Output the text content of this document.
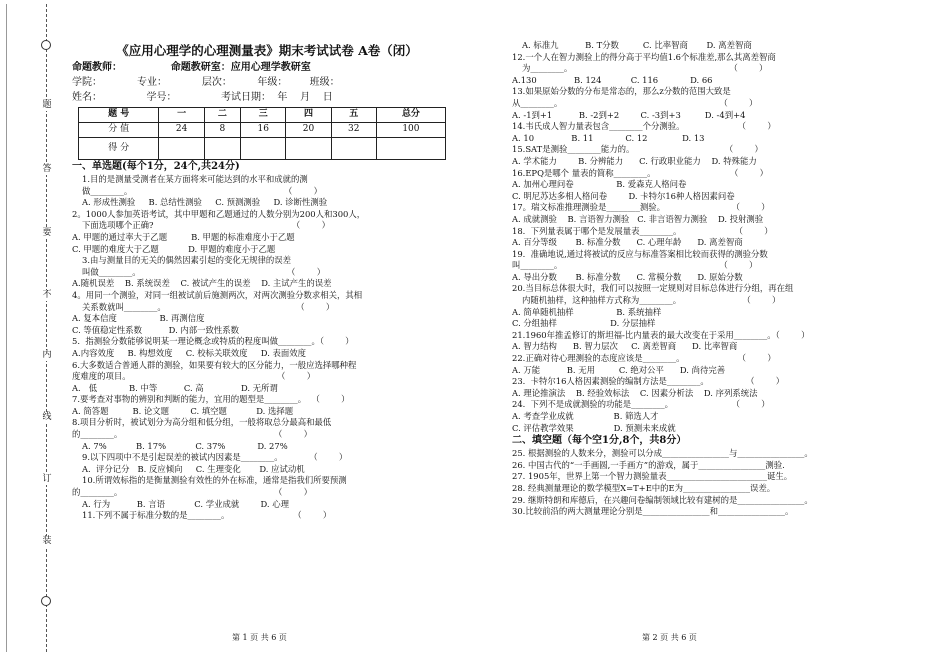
题
答
要
不
内
线
订
装
《应用心理学的心理测量表》期末考试试卷 A卷（闭）
命题教师：              命题教研室：应用心理学教研室
学院：           专业：           层次：        年级：       班级：
姓名：              学号：              考试日期：  年    月    日
题 号	一	二	三	四	五	总分
分 值	24	8	16	20	32	100
得 分						
一、单选题(每个1分，24个,共24分)
1.目的是测量受测者在某方面将来可能达到的水平和成就的测
做________。                                                         （        ）
A. 形成性测验     B. 总结性测验     C. 预测测验     D. 诊断性测验
2。1000人参加英语考试，其中甲题和乙题通过的人数分别为200人和300人，
下面选项哪个正确?                                                    （        ）
A. 甲题的通过率大于乙题         B. 甲题的标准难度小于乙题
C. 甲题的难度大于乙题           D. 甲题的难度小于乙题
3.由与测量目的无关的偶然因素引起的变化无规律的误差
叫做________。                                                       （        ）
A.随机误差    B. 系统误差    C. 被试产生的误差    D. 主试产生的误差
4。用同一个测验，对同一组被试前后施测两次，对两次测验分数求相关，其相
关系数就叫________。                                                 （        ）
A. 复本信度                B. 再测信度
C. 等值稳定性系数          D. 内部一致性系数
5.  指测验分数能够说明某一理论概念或特质的程度叫做________。（        ）
A.内容效度     B. 构想效度     C. 校标关联效度     D. 表面效度
6.大多数适合普通人群的测验，如果要有较大的区分能力，一般应选择哪种程
度难度的项目。                                                       （        ）
A.   低            B. 中等          C. 高              D. 无所谓
7.要考查对事物的辨别和判断的能力，宜用的题型是________。  （        ）
A. 简答题         B. 论文题        C. 填空题           D. 选择题
8.项目分析时，被试划分为高分组和低分组，一般将取总分最高和最低
的________。                                                         （        ）
A. 7%           B. 17%           C. 37%            D. 27%
9.以下四项中不是引起误差的被试内因素是________。          （        ）
A.  评分记分   B. 反应倾向     C. 生理变化       D. 应试动机
10.所谓效标指的是衡量测验有效性的外在标准，通常是指我们所要预测
的________。                                                         （        ）
A. 行为          B. 言语           C. 学业成就        D. 心理
11.下列不属于标准分数的是________。                        （        ）
第 1 页 共 6 页
A. 标准九          B. T分数         C. 比率智商       D. 离差智商
12.一个人在智力测验上的得分高于平均值1.6个标准差,那么其离差智商
为________。                                                           （        ）
A.130              B. 124           C. 116            D. 66
13.如果原始分数的分布是常态的，那么z分数的范围大致是
从________。                                                           （        ）
A. -1到+1          B. -2到+2        C. -3到+3         D. -4到+4
14.韦氏成人智力量表包含________个分测验。                    （        ）
A. 10              B. 11            C. 12             D. 13
15.SAT是测验________能力的。                                  （        ）
A. 学术能力        B. 分辨能力      C. 行政职业能力    D. 特殊能力
16.EPQ是哪个 量表的简称________。                            （        ）
A. 加州心理问卷                B. 爱森克人格问卷
C. 明尼苏达多相人格问卷        D. 卡特尔16种人格因素问卷
17。瑞文标准推理测验是________测验。                         （        ）
A. 成就测验    B. 言语智力测验   C. 非言语智力测验    D. 投射测验
18.  下列量表属于哪个是发展量表________。                    （        ）
A. 百分等级       B. 标准分数      C. 心理年龄      D. 离差智商
19.  准确地说,通过将被试的反应与标准答案相比较而获得的测验分数
叫________。                                                           （        ）
A. 导出分数       B. 标准分数      C. 常模分数      D. 原始分数
20.当目标总体很大时，我们可以按照一定规则对目标总体进行分组，再在组
内随机抽样，这种抽样方式称为________。                       （        ）
A. 简单随机抽样                B. 系统抽样
C. 分组抽样                    D. 分层抽样
21.1960年推孟修订的斯坦福-比内量表的最大改变在于采用________。（        ）
A. 智力结构      B. 智力层次     C. 离差智商      D. 比率智商
22.正确对待心理测验的态度应该是________。                    （        ）
A. 万能          B. 无用         C. 绝对公平      D. 尚待完善
23.  卡特尔16人格因素测验的编制方法是________。              （        ）
A. 理论推演法    B. 经验效标法    C. 因素分析法    D. 序列系统法
24.  下列不是成就测验的功能是________。                      （        ）
A. 考查学业成就               B. 筛选人才
C. 评估教学效果               D. 预测未来成就
二、填空题（每个空1分,8个，共8分）
25. 根据测验的人数来分，测验可以分成________________与________________。
26. 中国古代的“一手画圆,一手画方”的游戏，属于________________测验.
27. 1905年，世界上第一个智力测验量表________________________诞生。
28. 经典测量理论的数学模型X=T+E中的E为________________误差。
29. 继斯特朗和库德后，在兴趣问卷编制领域比较有建树的是________________。
30.比较前沿的两大测量理论分别是________________和________________。
第 2 页 共 6 页
